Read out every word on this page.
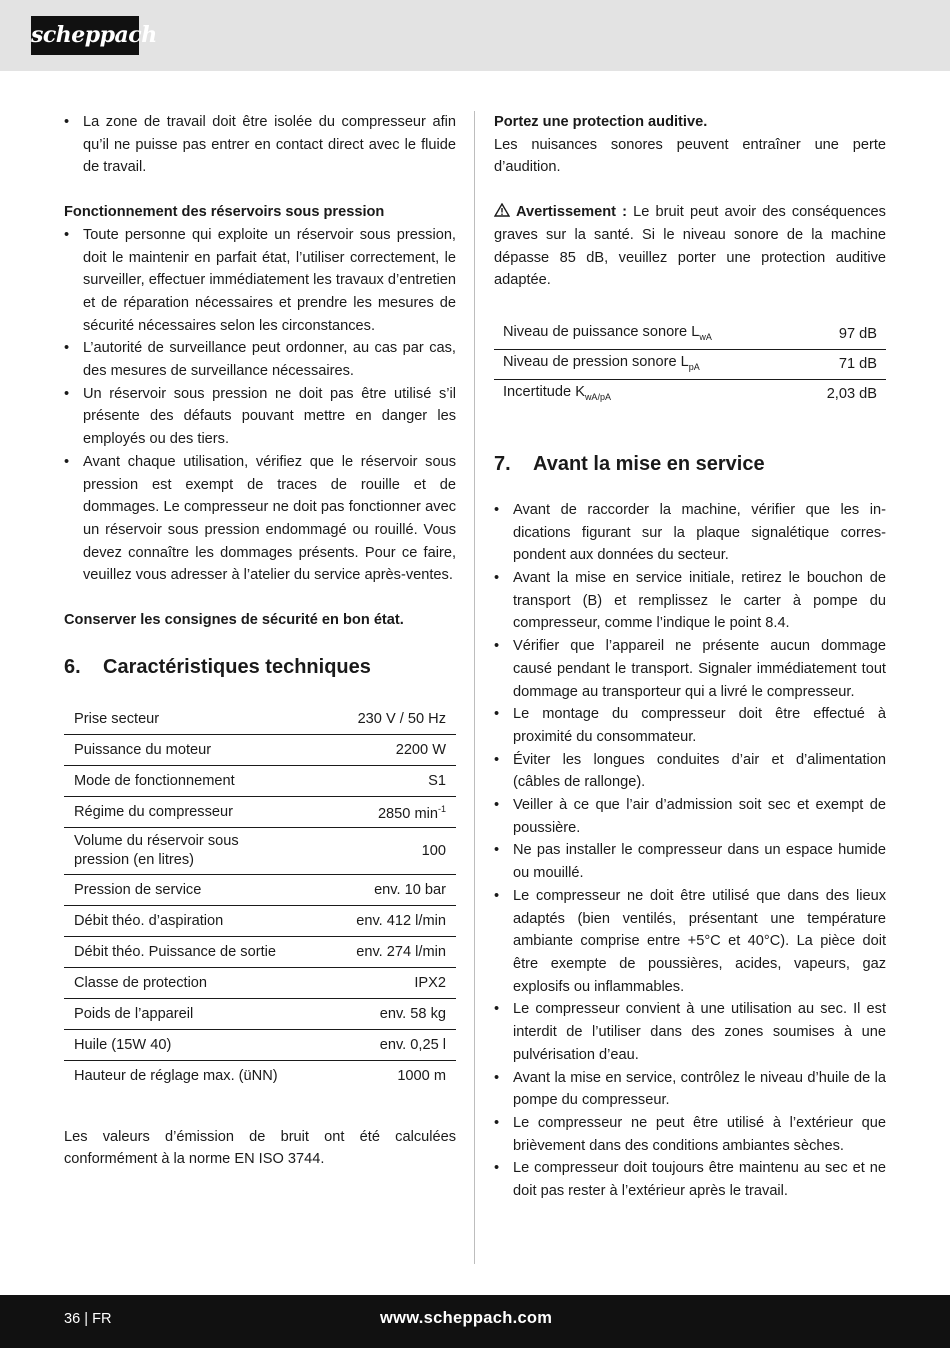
scheppach
• La zone de travail doit être isolée du compresseur afin qu’il ne puisse pas entrer en contact direct avec le fluide de travail.

Fonctionnement des réservoirs sous pression

• Toute personne qui exploite un réservoir sous pression, doit le maintenir en parfait état, l’utiliser correctement, le surveiller, effectuer immédiatement les travaux d’entretien et de réparation nécessaires et prendre les mesures de sécurité nécessaires selon les circonstances.
• L’autorité de surveillance peut ordonner, au cas par cas, des mesures de surveillance nécessaires.
• Un réservoir sous pression ne doit pas être utilisé s’il présente des défauts pouvant mettre en danger les employés ou des tiers.
• Avant chaque utilisation, vérifiez que le réservoir sous pression est exempt de traces de rouille et de dommages. Le compresseur ne doit pas fonctionner avec un réservoir sous pression endommagé ou rouillé. Vous devez connaître les dommages présents. Pour ce faire, veuillez vous adresser à l’atelier du service après-ventes.

Conserver les consignes de sécurité en bon état.

6.	Caractéristiques techniques
Prise secteur	230 V / 50 Hz
Puissance du moteur	2200 W
Mode de fonctionnement	S1
Régime du compresseur	2850 $\min^{-1}$
Volume du réservoir sous pression (en litres)	100
Pression de service	env. 10 bar
Débit théo. d’aspiration	env. 412 l/min
Débit théo. Puissance de sortie	env. 274 l/min
Classe de protection	IPX2
Poids de l’appareil	env. 58 kg
Huile (15W 40)	env. 0,25 l
Hauteur de réglage max. (üNN)	1000 m

Les valeurs d’émission de bruit ont été calculées conformément à la norme EN ISO 3744.

Portez une protection auditive.

Les nuisances sonores peuvent entraîner une perte d’audition.

Avertissement : Le bruit peut avoir des conséquences graves sur la santé. Si le niveau sonore de la machine dépasse 85 dB, veuillez porter une protection auditive adaptée.

Niveau de puissance sonore $L_{wA}$	97 dB
Niveau de pression sonore $L_{pA}$	71 dB
Incertitude $K_{wA/pA}$	2,03 dB
7.	Avant la mise en service
• Avant de raccorder la machine, vérifier que les indications figurant sur la plaque signalétique correspondent aux données du secteur.
• Avant la mise en service initiale, retirez le bouchon de transport (B) et remplissez le carter à pompe du compresseur, comme l’indique le point 8.4.
• Vérifier que l’appareil ne présente aucun dommage causé pendant le transport. Signaler immédiatement tout dommage au transporteur qui a livré le compresseur.
• Le montage du compresseur doit être effectué à proximité du consommateur.
• Éviter les longues conduites d’air et d’alimentation (câbles de rallonge).
• Veiller à ce que l’air d’admission soit sec et exempt de poussière.
• Ne pas installer le compresseur dans un espace humide ou mouillé.
• Le compresseur ne doit être utilisé que dans des lieux adaptés (bien ventilés, présentant une température ambiante comprise entre +5°C et 40°C). La pièce doit être exempte de poussières, acides, vapeurs, gaz explosifs ou inflammables.
• Le compresseur convient à une utilisation au sec. Il est interdit de l’utiliser dans des zones soumises à une pulvérisation d’eau.
• Avant la mise en service, contrôlez le niveau d’huile de la pompe du compresseur.
• Le compresseur ne peut être utilisé à l’extérieur que brièvement dans des conditions ambiantes sèches.
• Le compresseur doit toujours être maintenu au sec et ne doit pas rester à l’extérieur après le travail.
36 | FR	www.scheppach.com
